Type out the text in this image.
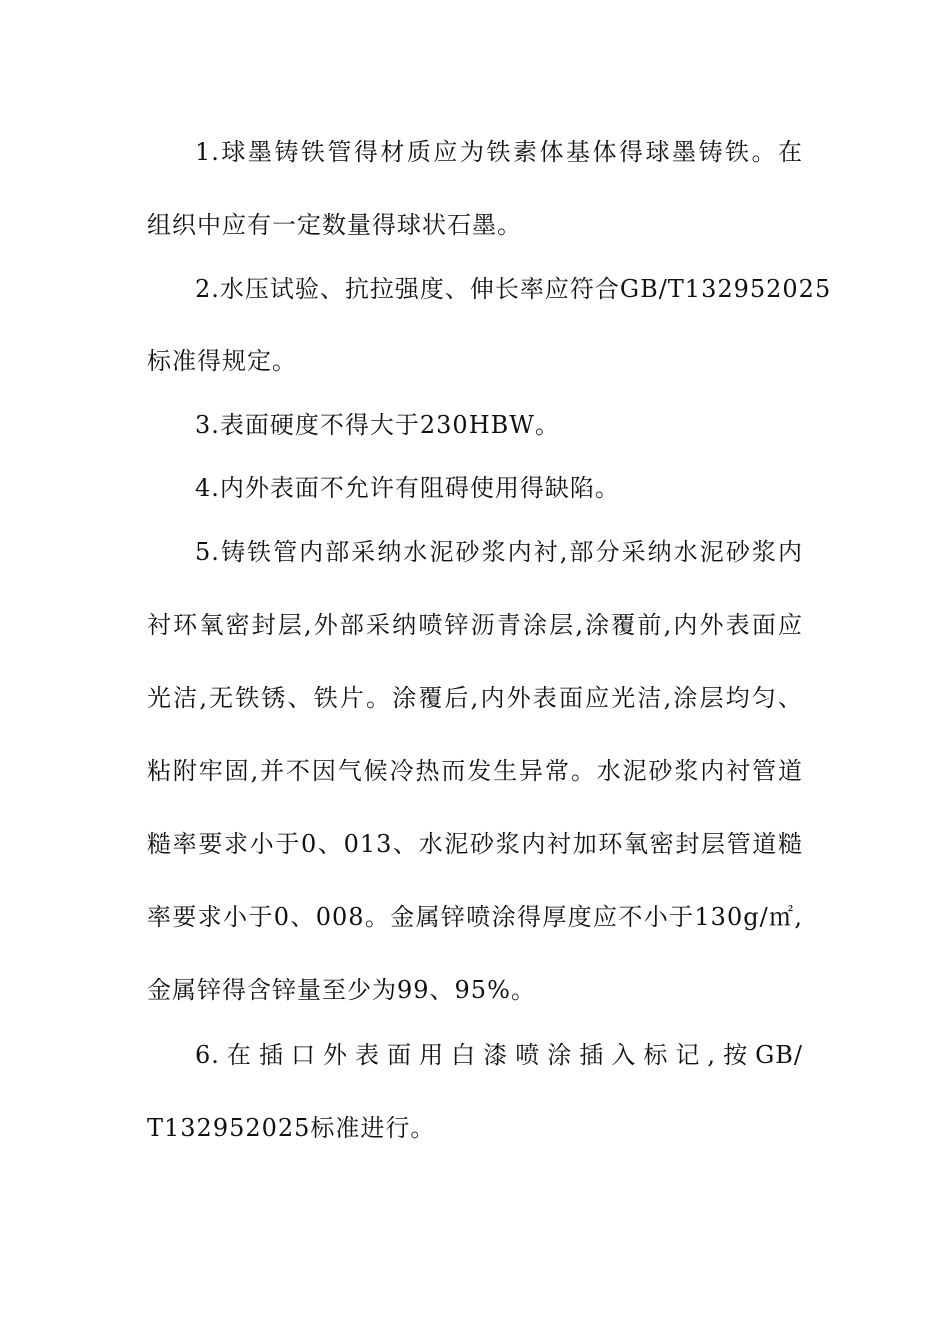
1.球墨铸铁管得材质应为铁素体基体得球墨铸铁。在
组织中应有一定数量得球状石墨。
2.水压试验、抗拉强度、伸长率应符合GB/T132952025
标准得规定。
3.表面硬度不得大于230HBW。
4.内外表面不允许有阻碍使用得缺陷。
5.铸铁管内部采纳水泥砂浆内衬,部分采纳水泥砂浆内
衬环氧密封层,外部采纳喷锌沥青涂层,涂覆前,内外表面应
光洁,无铁锈、铁片。涂覆后,内外表面应光洁,涂层均匀、
粘附牢固,并不因气候冷热而发生异常。水泥砂浆内衬管道
糙率要求小于0、013、水泥砂浆内衬加环氧密封层管道糙
率要求小于0、008。金属锌喷涂得厚度应不小于130g/㎡,
金属锌得含锌量至少为99、95%。
6.在插口外表面用白漆喷涂插入标记,按GB/
T132952025标准进行。
